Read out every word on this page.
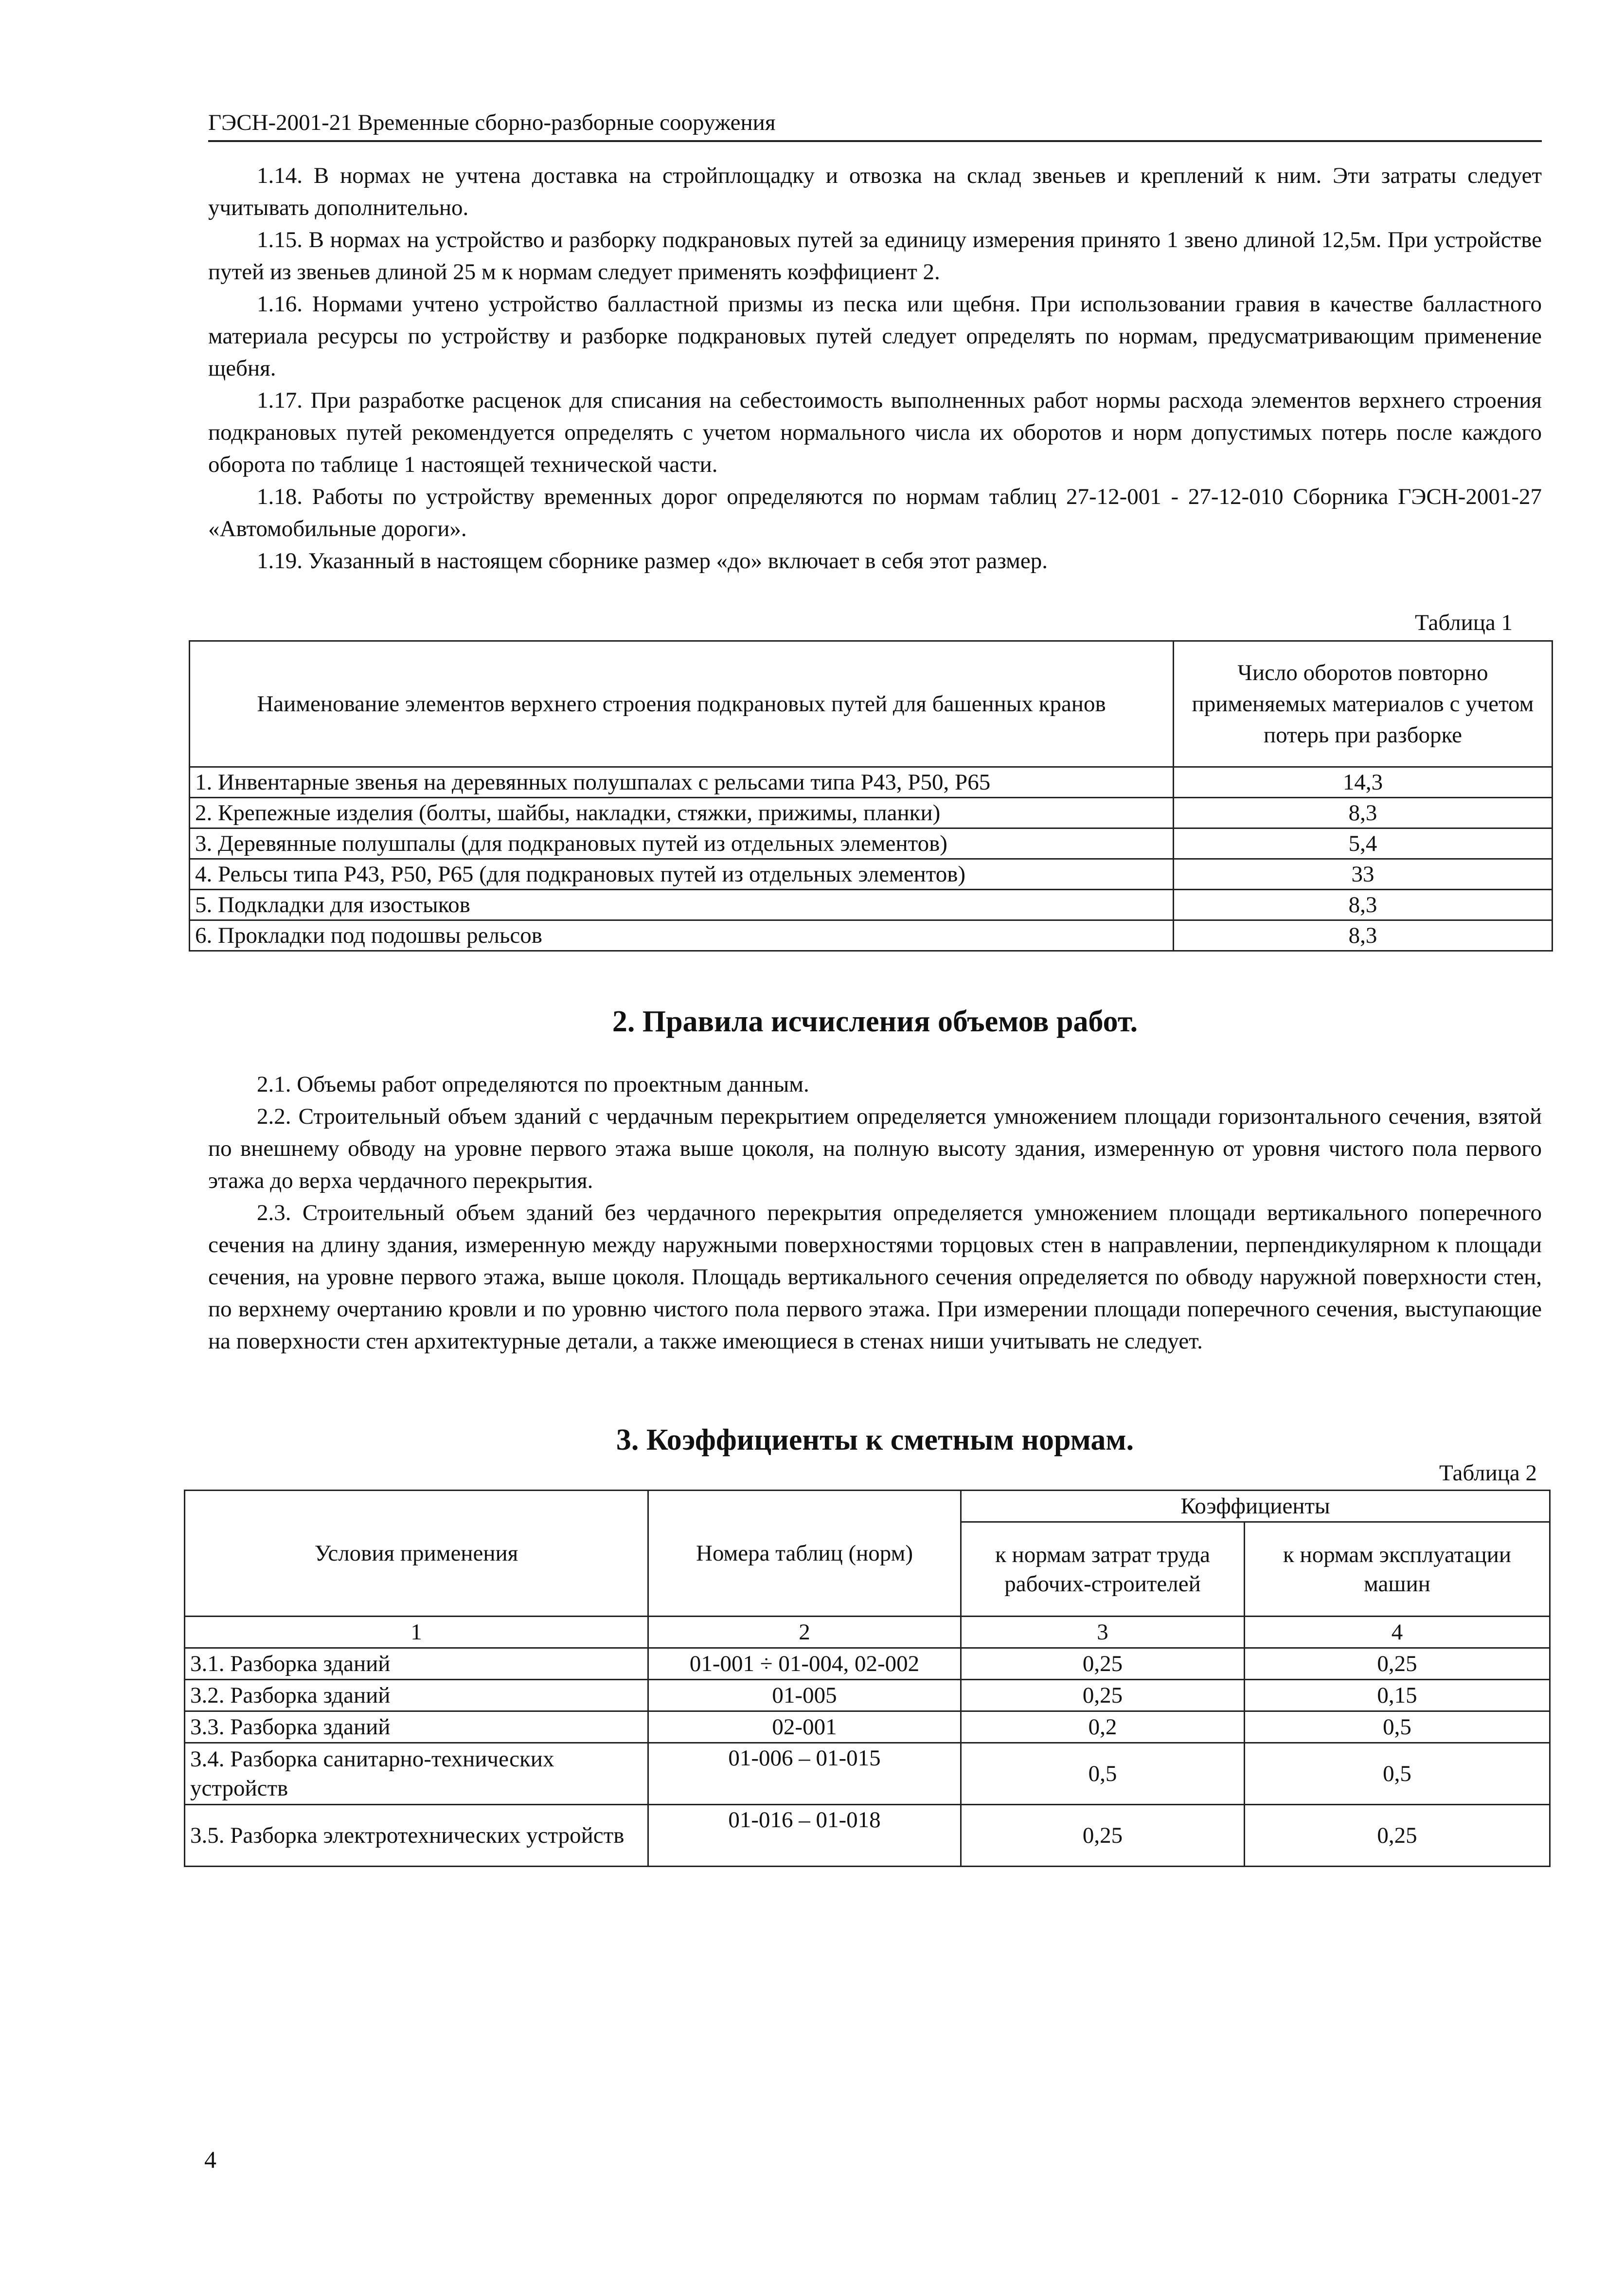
ГЭСН-2001-21 Временные сборно-разборные сооружения

1.14. В нормах не учтена доставка на стройплощадку и отвозка на склад звеньев и креплений к ним. Эти затраты следует учитывать дополнительно.

1.15. В нормах на устройство и разборку подкрановых путей за единицу измерения принято 1 звено длиной 12,5м. При устройстве путей из звеньев длиной 25 м к нормам следует применять коэффициент 2.

1.16. Нормами учтено устройство балластной призмы из песка или щебня. При использовании гравия в качестве балластного материала ресурсы по устройству и разборке подкрановых путей следует определять по нормам, предусматривающим применение щебня.

1.17. При разработке расценок для списания на себестоимость выполненных работ нормы расхода элементов верхнего строения подкрановых путей рекомендуется определять с учетом нормального числа их оборотов и норм допустимых потерь после каждого оборота по таблице 1 настоящей технической части.

1.18. Работы по устройству временных дорог определяются по нормам таблиц 27-12-001 - 27-12-010 Сборника ГЭСН-2001-27 «Автомобильные дороги».

1.19. Указанный в настоящем сборнике размер «до» включает в себя этот размер.

Таблица 1
Наименование элементов верхнего строения подкрановых путей для башенных кранов	Число оборотов повторно применяемых материалов с учетом потерь при разборке
1. Инвентарные звенья на деревянных полушпалах с рельсами типа Р43, Р50, Р65	14,3
2. Крепежные изделия (болты, шайбы, накладки, стяжки, прижимы, планки)	8,3
3. Деревянные полушпалы (для подкрановых путей из отдельных элементов)	5,4
4. Рельсы типа Р43, Р50, Р65 (для подкрановых путей из отдельных элементов)	33
5. Подкладки для изостыков	8,3
6. Прокладки под подошвы рельсов	8,3
2. Правила исчисления объемов работ.

2.1. Объемы работ определяются по проектным данным.

2.2. Строительный объем зданий с чердачным перекрытием определяется умножением площади горизонтального сечения, взятой по внешнему обводу на уровне первого этажа выше цоколя, на полную высоту здания, измеренную от уровня чистого пола первого этажа до верха чердачного перекрытия.

2.3. Строительный объем зданий без чердачного перекрытия определяется умножением площади вертикального поперечного сечения на длину здания, измеренную между наружными поверхностями торцовых стен в направлении, перпендикулярном к площади сечения, на уровне первого этажа, выше цоколя. Площадь вертикального сечения определяется по обводу наружной поверхности стен, по верхнему очертанию кровли и по уровню чистого пола первого этажа. При измерении площади поперечного сечения, выступающие на поверхности стен архитектурные детали, а также имеющиеся в стенах ниши учитывать не следует.

3. Коэффициенты к сметным нормам.
Таблица 2
Условия применения	Номера таблиц (норм)	Коэффициенты	
		к нормам затрат труда рабочих-строителей	к нормам эксплуатации машин
1	2	3	4
3.1. Разборка зданий	01-001 ÷ 01-004, 02-002	0,25	0,25
3.2. Разборка зданий	01-005	0,25	0,15
3.3. Разборка зданий	02-001	0,2	0,5
3.4. Разборка санитарно-технических устройств	01-006 – 01-015	0,5	0,5
3.5. Разборка электротехнических устройств	01-016 – 01-018	0,25	0,25
4
